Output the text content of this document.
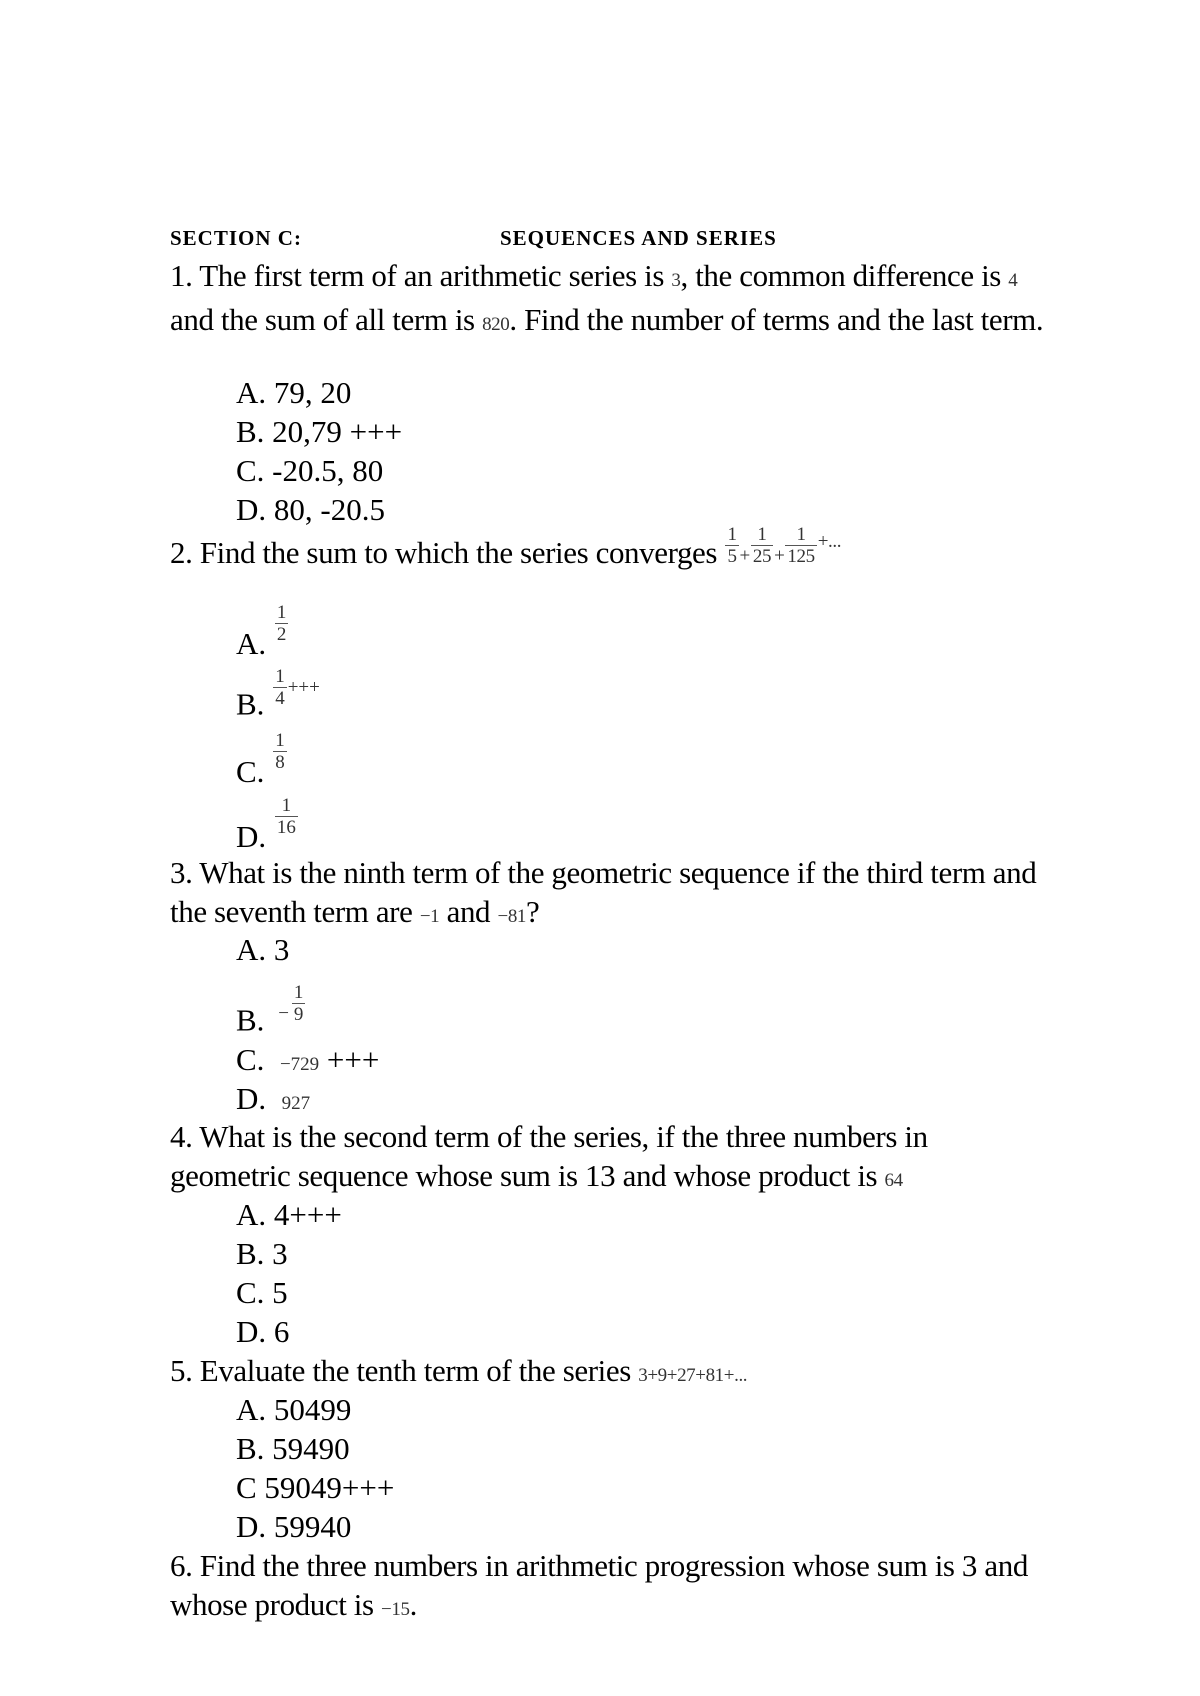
SECTION C:	SEQUENCES AND SERIES
1. The first term of an arithmetic series is 3, the common difference is 4 and the sum of all term is 820. Find the number of terms and the last term.
A. 79, 20
B. 20,79 +++
C. -20.5, 80
D. 80, -20.5
2. Find the sum to which the series converges $\frac{1}{5} + \frac{1}{25} + \frac{1}{125} ^{+...}$
A. $\frac{1}{2}$
B. $\frac{1}{4} ^{+++}$
C. $\frac{1}{8}$
D. $\frac{1}{16}$
3. What is the ninth term of the geometric sequence if the third term and the seventh term are −1 and −81?
A. 3
B. $^- \frac{1}{9}$
C. −729 +++
D. 927
4. What is the second term of the series, if the three numbers in geometric sequence whose sum is 13 and whose product is 64
A. 4+++
B. 3
C. 5
D. 6
5. Evaluate the tenth term of the series 3+9+27+81+...
A. 50499
B. 59490
C 59049+++
D. 59940
6. Find the three numbers in arithmetic progression whose sum is 3 and whose product is −15.
